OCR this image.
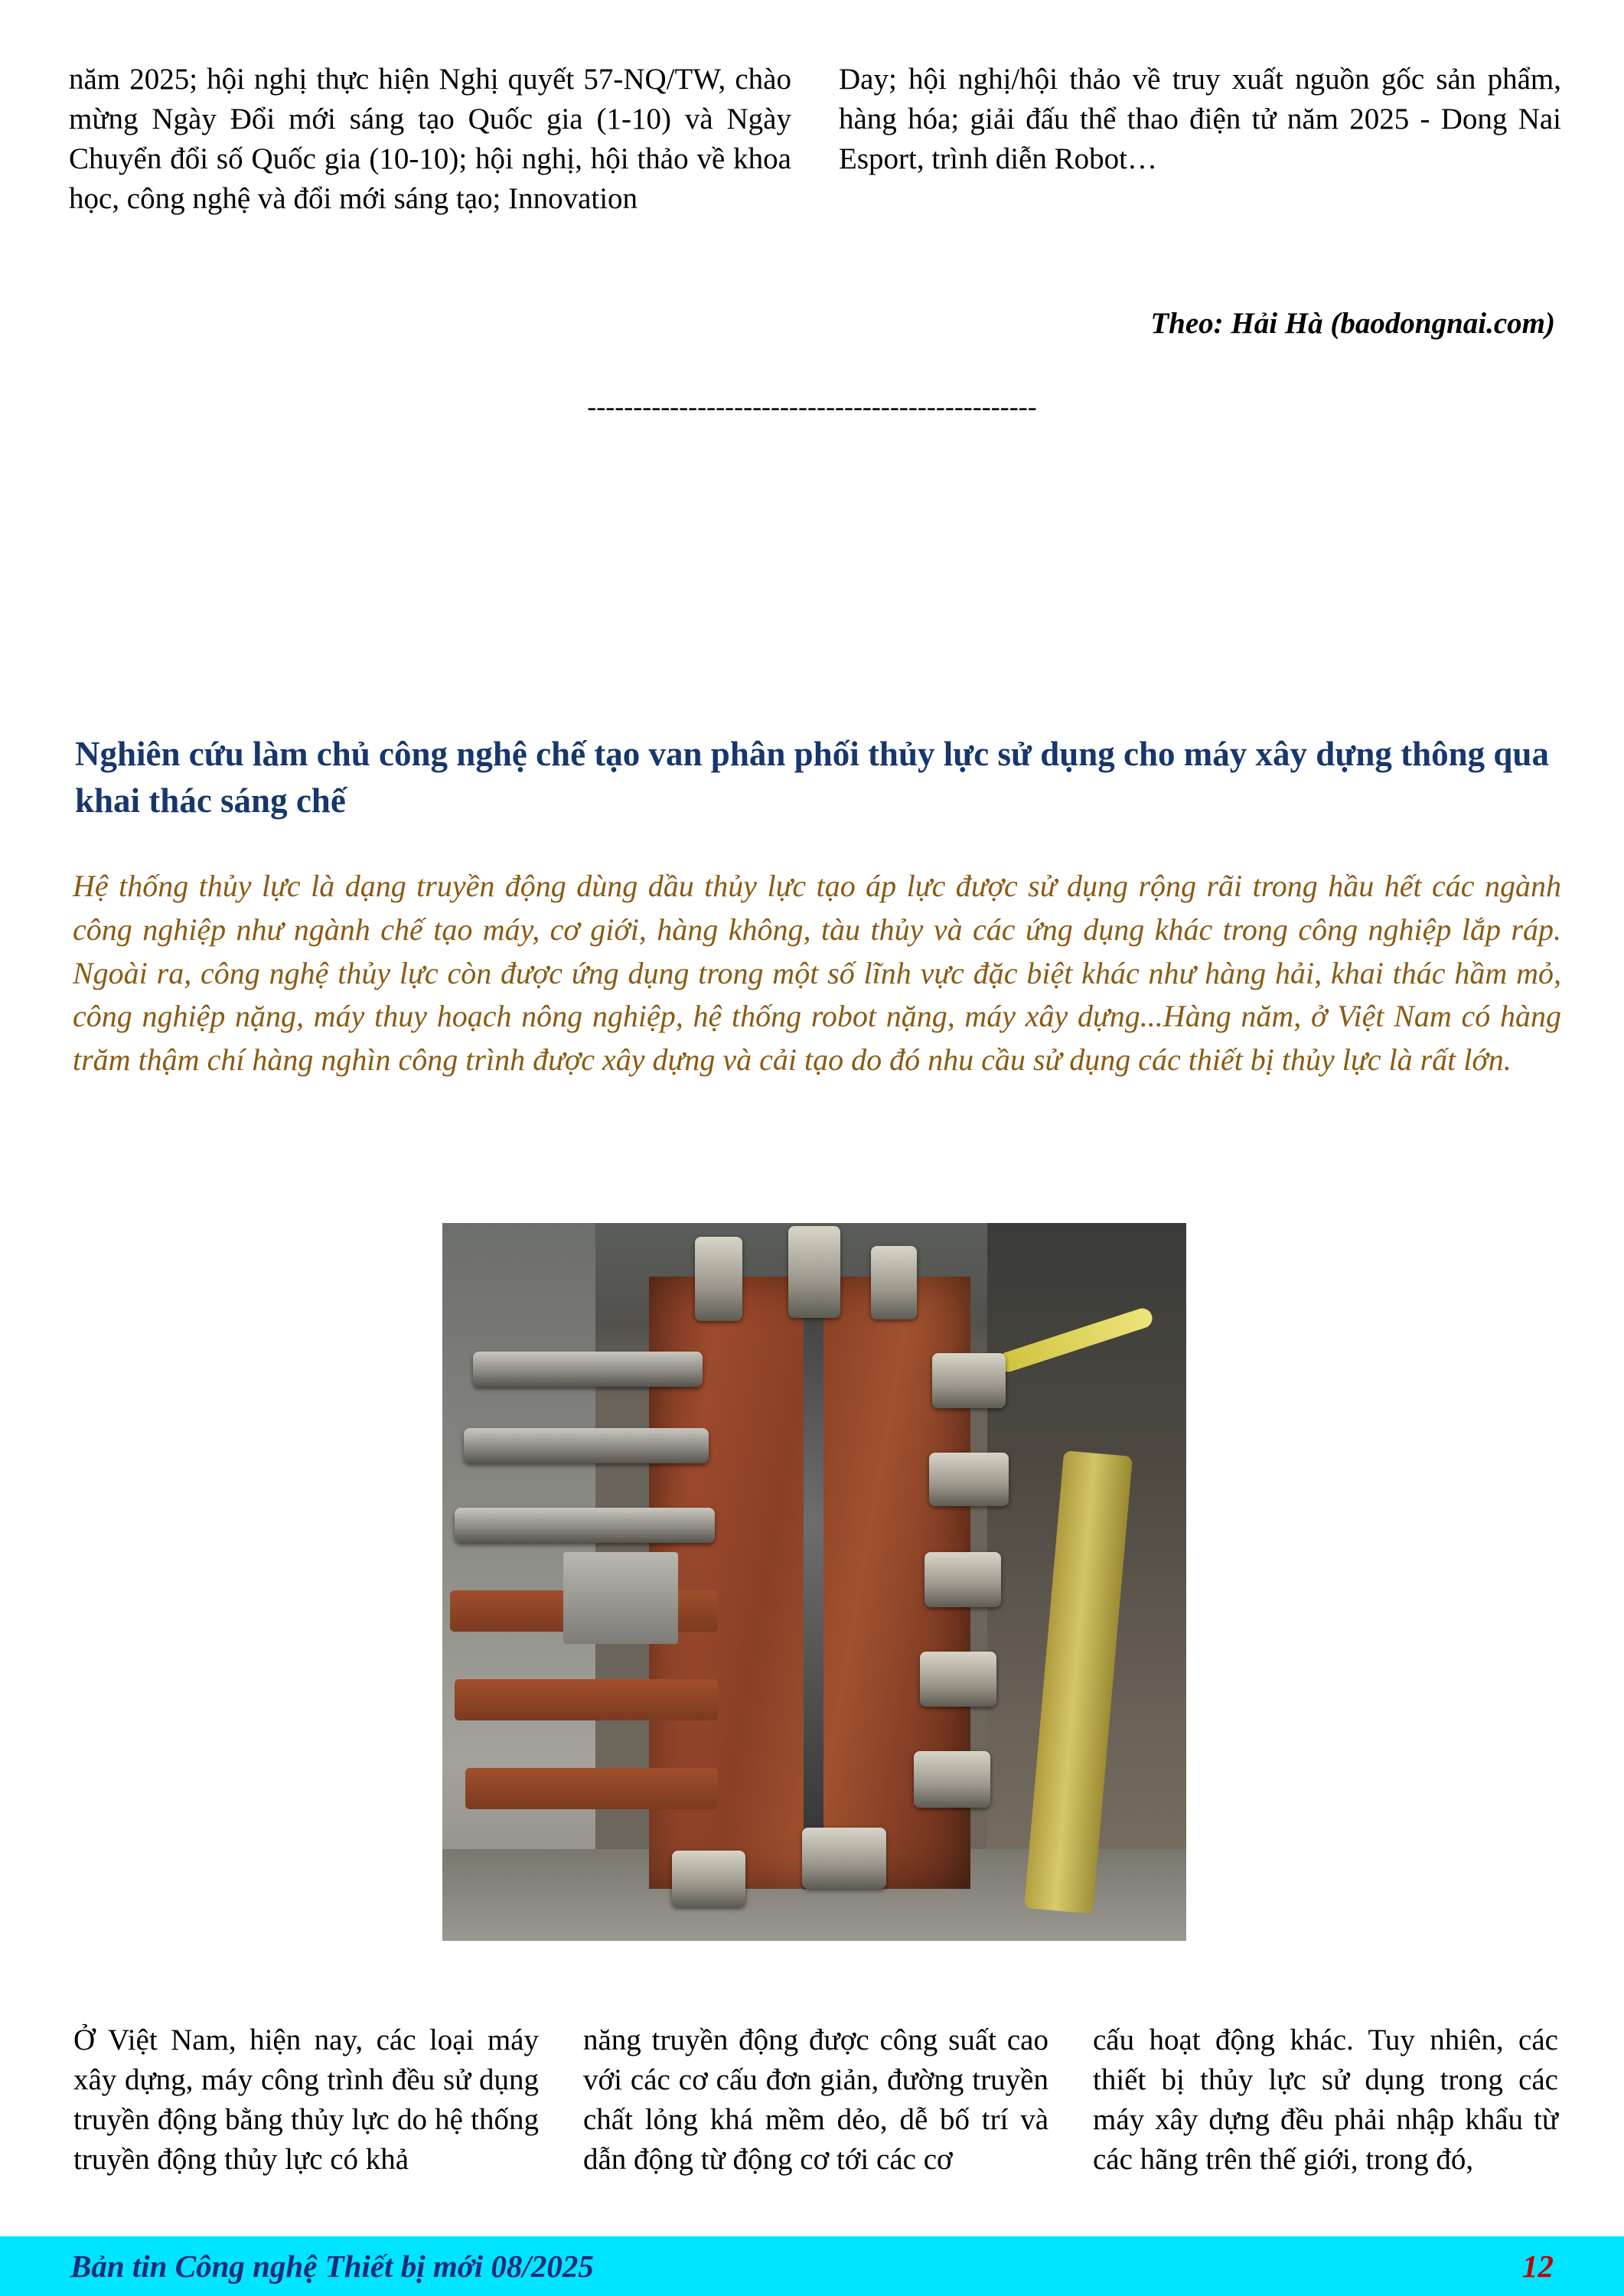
năm 2025; hội nghị thực hiện Nghị quyết 57-NQ/TW, chào mừng Ngày Đổi mới sáng tạo Quốc gia (1-10) và Ngày Chuyển đổi số Quốc gia (10-10); hội nghị, hội thảo về khoa học, công nghệ và đổi mới sáng tạo; Innovation

Day; hội nghị/hội thảo về truy xuất nguồn gốc sản phẩm, hàng hóa; giải đấu thể thao điện tử năm 2025 - Dong Nai Esport, trình diễn Robot…

Theo: Hải Hà (baodongnai.com)
-------------------------------------------------
Nghiên cứu làm chủ công nghệ chế tạo van phân phối thủy lực sử dụng cho máy xây dựng thông qua khai thác sáng chế
Hệ thống thủy lực là dạng truyền động dùng dầu thủy lực tạo áp lực được sử dụng rộng rãi trong hầu hết các ngành công nghiệp như ngành chế tạo máy, cơ giới, hàng không, tàu thủy và các ứng dụng khác trong công nghiệp lắp ráp. Ngoài ra, công nghệ thủy lực còn được ứng dụng trong một số lĩnh vực đặc biệt khác như hàng hải, khai thác hầm mỏ, công nghiệp nặng, máy thuy hoạch nông nghiệp, hệ thống robot nặng, máy xây dựng...Hàng năm, ở Việt Nam có hàng trăm thậm chí hàng nghìn công trình được xây dựng và cải tạo do đó nhu cầu sử dụng các thiết bị thủy lực là rất lớn.

Ở Việt Nam, hiện nay, các loại máy xây dựng, máy công trình đều sử dụng truyền động bằng thủy lực do hệ thống truyền động thủy lực có khả

năng truyền động được công suất cao với các cơ cấu đơn giản, đường truyền chất lỏng khá mềm dẻo, dễ bố trí và dẫn động từ động cơ tới các cơ

cấu hoạt động khác. Tuy nhiên, các thiết bị thủy lực sử dụng trong các máy xây dựng đều phải nhập khẩu từ các hãng trên thế giới, trong đó,

Bản tin Công nghệ Thiết bị mới 08/2025	12
